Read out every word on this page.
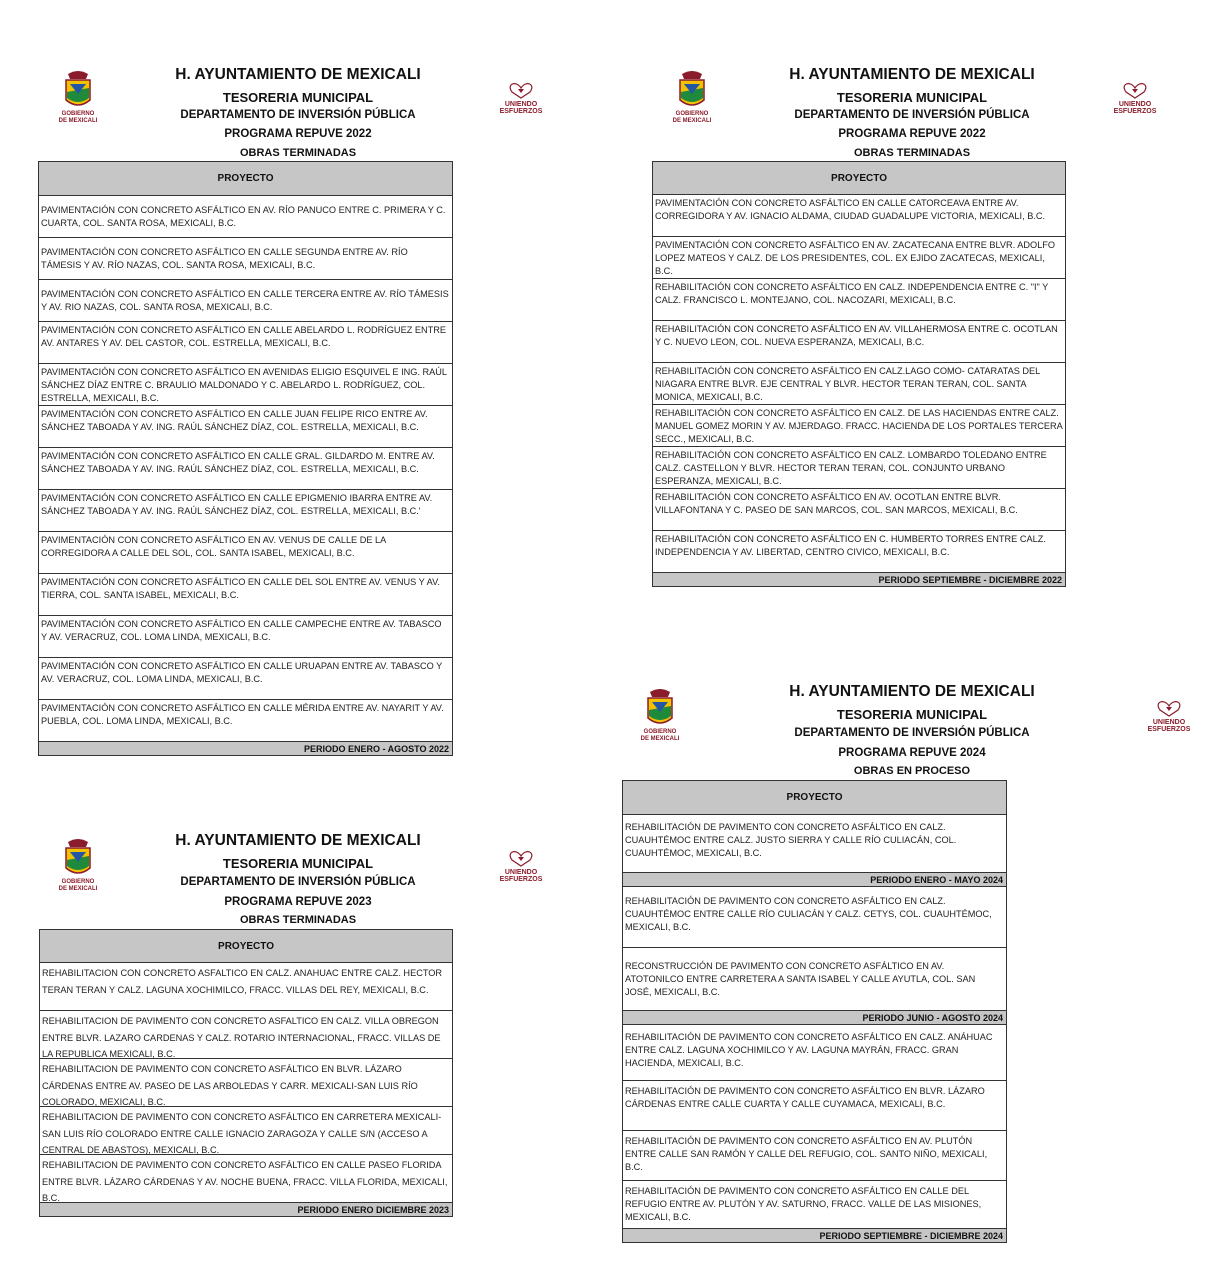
GOBIERNO
DE MEXICALI
UNIENDO
ESFUERZOS
H. AYUNTAMIENTO DE MEXICALI
TESORERIA MUNICIPAL
DEPARTAMENTO DE INVERSIÓN PÚBLICA
PROGRAMA REPUVE 2022
OBRAS TERMINADAS
PROYECTO
PAVIMENTACIÓN CON CONCRETO ASFÁLTICO EN AV. RÍO PANUCO ENTRE C. PRIMERA Y C. CUARTA, COL. SANTA ROSA, MEXICALI, B.C.
PAVIMENTACIÓN CON CONCRETO ASFÁLTICO EN CALLE SEGUNDA ENTRE AV. RÍO TÁMESIS Y AV. RÍO NAZAS, COL. SANTA ROSA, MEXICALI, B.C.
PAVIMENTACIÓN CON CONCRETO ASFÁLTICO EN CALLE TERCERA ENTRE AV. RÍO TÁMESIS Y AV. RIO NAZAS, COL. SANTA ROSA, MEXICALI, B.C.
PAVIMENTACIÓN CON CONCRETO ASFÁLTICO EN CALLE ABELARDO L. RODRÍGUEZ ENTRE AV. ANTARES Y AV. DEL CASTOR, COL. ESTRELLA, MEXICALI, B.C.
PAVIMENTACIÓN CON CONCRETO ASFÁLTICO EN AVENIDAS ELIGIO ESQUIVEL E ING. RAÚL SÁNCHEZ DÍAZ ENTRE C. BRAULIO MALDONADO Y C. ABELARDO L. RODRÍGUEZ, COL. ESTRELLA, MEXICALI, B.C.
PAVIMENTACIÓN CON CONCRETO ASFÁLTICO EN CALLE JUAN FELIPE RICO ENTRE AV. SÁNCHEZ TABOADA Y AV. ING. RAÚL SÁNCHEZ DÍAZ, COL. ESTRELLA, MEXICALI, B.C.
PAVIMENTACIÓN CON CONCRETO ASFÁLTICO EN CALLE GRAL. GILDARDO M. ENTRE AV. SÁNCHEZ TABOADA Y AV. ING. RAÚL SÁNCHEZ DÍAZ, COL. ESTRELLA, MEXICALI, B.C.
PAVIMENTACIÓN CON CONCRETO ASFÁLTICO EN CALLE EPIGMENIO IBARRA ENTRE AV. SÁNCHEZ TABOADA Y AV. ING. RAÚL SÁNCHEZ DÍAZ, COL. ESTRELLA, MEXICALI, B.C.'
PAVIMENTACIÓN CON CONCRETO ASFÁLTICO EN AV. VENUS DE CALLE DE LA CORREGIDORA A CALLE DEL SOL, COL. SANTA ISABEL, MEXICALI, B.C.
PAVIMENTACIÓN CON CONCRETO ASFÁLTICO EN CALLE DEL SOL ENTRE AV. VENUS Y AV. TIERRA, COL. SANTA ISABEL, MEXICALI, B.C.
PAVIMENTACIÓN CON CONCRETO ASFÁLTICO EN CALLE CAMPECHE ENTRE AV. TABASCO Y AV. VERACRUZ, COL. LOMA LINDA, MEXICALI, B.C.
PAVIMENTACIÓN CON CONCRETO ASFÁLTICO EN CALLE URUAPAN ENTRE AV. TABASCO Y AV. VERACRUZ, COL. LOMA LINDA, MEXICALI, B.C.
PAVIMENTACIÓN CON CONCRETO ASFÁLTICO EN CALLE MÉRIDA ENTRE AV. NAYARIT Y AV. PUEBLA, COL. LOMA LINDA, MEXICALI, B.C.
PERIODO ENERO - AGOSTO 2022
GOBIERNO
DE MEXICALI
UNIENDO
ESFUERZOS
H. AYUNTAMIENTO DE MEXICALI
TESORERIA MUNICIPAL
DEPARTAMENTO DE INVERSIÓN PÚBLICA
PROGRAMA REPUVE 2022
OBRAS TERMINADAS
PROYECTO
PAVIMENTACIÓN CON CONCRETO ASFÁLTICO EN CALLE CATORCEAVA ENTRE AV. CORREGIDORA Y AV. IGNACIO ALDAMA, CIUDAD GUADALUPE VICTORIA, MEXICALI, B.C.
PAVIMENTACIÓN CON CONCRETO ASFÁLTICO EN AV. ZACATECANA ENTRE BLVR. ADOLFO LOPEZ MATEOS Y CALZ. DE LOS PRESIDENTES, COL. EX EJIDO ZACATECAS, MEXICALI, B.C.
REHABILITACIÓN CON CONCRETO ASFÁLTICO EN CALZ. INDEPENDENCIA ENTRE C. "I" Y CALZ. FRANCISCO L. MONTEJANO, COL. NACOZARI, MEXICALI, B.C.
REHABILITACIÓN CON CONCRETO ASFÁLTICO EN AV. VILLAHERMOSA ENTRE C. OCOTLAN Y C. NUEVO LEON, COL. NUEVA ESPERANZA, MEXICALI, B.C.
REHABILITACIÓN CON CONCRETO ASFÁLTICO EN CALZ.LAGO COMO- CATARATAS DEL NIAGARA ENTRE BLVR. EJE CENTRAL Y BLVR. HECTOR TERAN TERAN, COL. SANTA MONICA, MEXICALI, B.C.
REHABILITACIÓN CON CONCRETO ASFÁLTICO EN CALZ. DE LAS HACIENDAS ENTRE CALZ. MANUEL GOMEZ MORIN Y AV. MJERDAGO. FRACC. HACIENDA DE LOS PORTALES TERCERA SECC., MEXICALI, B.C.
REHABILITACIÓN CON CONCRETO ASFÁLTICO EN CALZ. LOMBARDO TOLEDANO ENTRE CALZ. CASTELLON Y BLVR. HECTOR TERAN TERAN, COL. CONJUNTO URBANO ESPERANZA, MEXICALI, B.C.
REHABILITACIÓN CON CONCRETO ASFÁLTICO EN AV. OCOTLAN ENTRE BLVR. VILLAFONTANA Y C. PASEO DE SAN MARCOS, COL. SAN MARCOS, MEXICALI, B.C.
REHABILITACIÓN CON CONCRETO ASFÁLTICO EN C. HUMBERTO TORRES ENTRE CALZ. INDEPENDENCIA Y AV. LIBERTAD, CENTRO CIVICO, MEXICALI, B.C.
PERIODO SEPTIEMBRE - DICIEMBRE 2022
GOBIERNO
DE MEXICALI
UNIENDO
ESFUERZOS
H. AYUNTAMIENTO DE MEXICALI
TESORERIA MUNICIPAL
DEPARTAMENTO DE INVERSIÓN PÚBLICA
PROGRAMA REPUVE 2023
OBRAS TERMINADAS
PROYECTO
REHABILITACION CON CONCRETO ASFALTICO EN CALZ. ANAHUAC ENTRE CALZ. HECTOR TERAN TERAN Y CALZ. LAGUNA XOCHIMILCO, FRACC. VILLAS DEL REY, MEXICALI, B.C.
REHABILITACION DE PAVIMENTO CON CONCRETO ASFALTICO EN CALZ. VILLA OBREGON ENTRE BLVR. LAZARO CARDENAS Y CALZ. ROTARIO INTERNACIONAL, FRACC. VILLAS DE LA REPUBLICA MEXICALI, B.C.
REHABILITACION DE PAVIMENTO CON CONCRETO ASFÁLTICO EN BLVR. LÁZARO CÁRDENAS ENTRE AV. PASEO DE LAS ARBOLEDAS Y CARR. MEXICALI-SAN LUIS RÍO COLORADO, MEXICALI, B.C.
REHABILITACION DE PAVIMENTO CON CONCRETO ASFÁLTICO EN CARRETERA MEXICALI-SAN LUIS RÍO COLORADO ENTRE CALLE IGNACIO ZARAGOZA Y CALLE S/N (ACCESO A CENTRAL DE ABASTOS), MEXICALI, B.C.
REHABILITACION DE PAVIMENTO CON CONCRETO ASFÁLTICO EN CALLE PASEO FLORIDA ENTRE BLVR. LÁZARO CÁRDENAS Y AV. NOCHE BUENA, FRACC. VILLA FLORIDA, MEXICALI, B.C.
PERIODO ENERO DICIEMBRE 2023
GOBIERNO
DE MEXICALI
UNIENDO
ESFUERZOS
H. AYUNTAMIENTO DE MEXICALI
TESORERIA MUNICIPAL
DEPARTAMENTO DE INVERSIÓN PÚBLICA
PROGRAMA REPUVE 2024
OBRAS EN PROCESO
PROYECTO
REHABILITACIÓN DE PAVIMENTO CON CONCRETO ASFÁLTICO EN CALZ. CUAUHTÉMOC ENTRE CALZ. JUSTO SIERRA Y CALLE RÍO CULIACÁN, COL. CUAUHTÉMOC, MEXICALI, B.C.
PERIODO ENERO - MAYO 2024
REHABILITACIÓN DE PAVIMENTO CON CONCRETO ASFÁLTICO EN CALZ. CUAUHTÉMOC ENTRE CALLE RÍO CULIACÁN Y CALZ. CETYS, COL. CUAUHTÉMOC, MEXICALI, B.C.
RECONSTRUCCIÓN DE PAVIMENTO CON CONCRETO ASFÁLTICO EN AV. ATOTONILCO ENTRE CARRETERA A SANTA ISABEL Y CALLE AYUTLA, COL. SAN JOSÉ, MEXICALI, B.C.
PERIODO JUNIO - AGOSTO 2024
REHABILITACIÓN DE PAVIMENTO CON CONCRETO ASFÁLTICO EN CALZ. ANÁHUAC ENTRE CALZ. LAGUNA XOCHIMILCO Y AV. LAGUNA MAYRÁN, FRACC. GRAN HACIENDA, MEXICALI, B.C.
REHABILITACIÓN DE PAVIMENTO CON CONCRETO ASFÁLTICO EN BLVR. LÁZARO CÁRDENAS ENTRE CALLE CUARTA Y CALLE CUYAMACA, MEXICALI, B.C.
REHABILITACIÓN DE PAVIMENTO CON CONCRETO ASFÁLTICO EN AV. PLUTÓN ENTRE CALLE SAN RAMÓN Y CALLE DEL REFUGIO, COL. SANTO NIÑO, MEXICALI, B.C.
REHABILITACIÓN DE PAVIMENTO CON CONCRETO ASFÁLTICO EN CALLE DEL REFUGIO ENTRE AV. PLUTÓN Y AV. SATURNO, FRACC. VALLE DE LAS MISIONES, MEXICALI, B.C.
PERIODO SEPTIEMBRE - DICIEMBRE 2024
